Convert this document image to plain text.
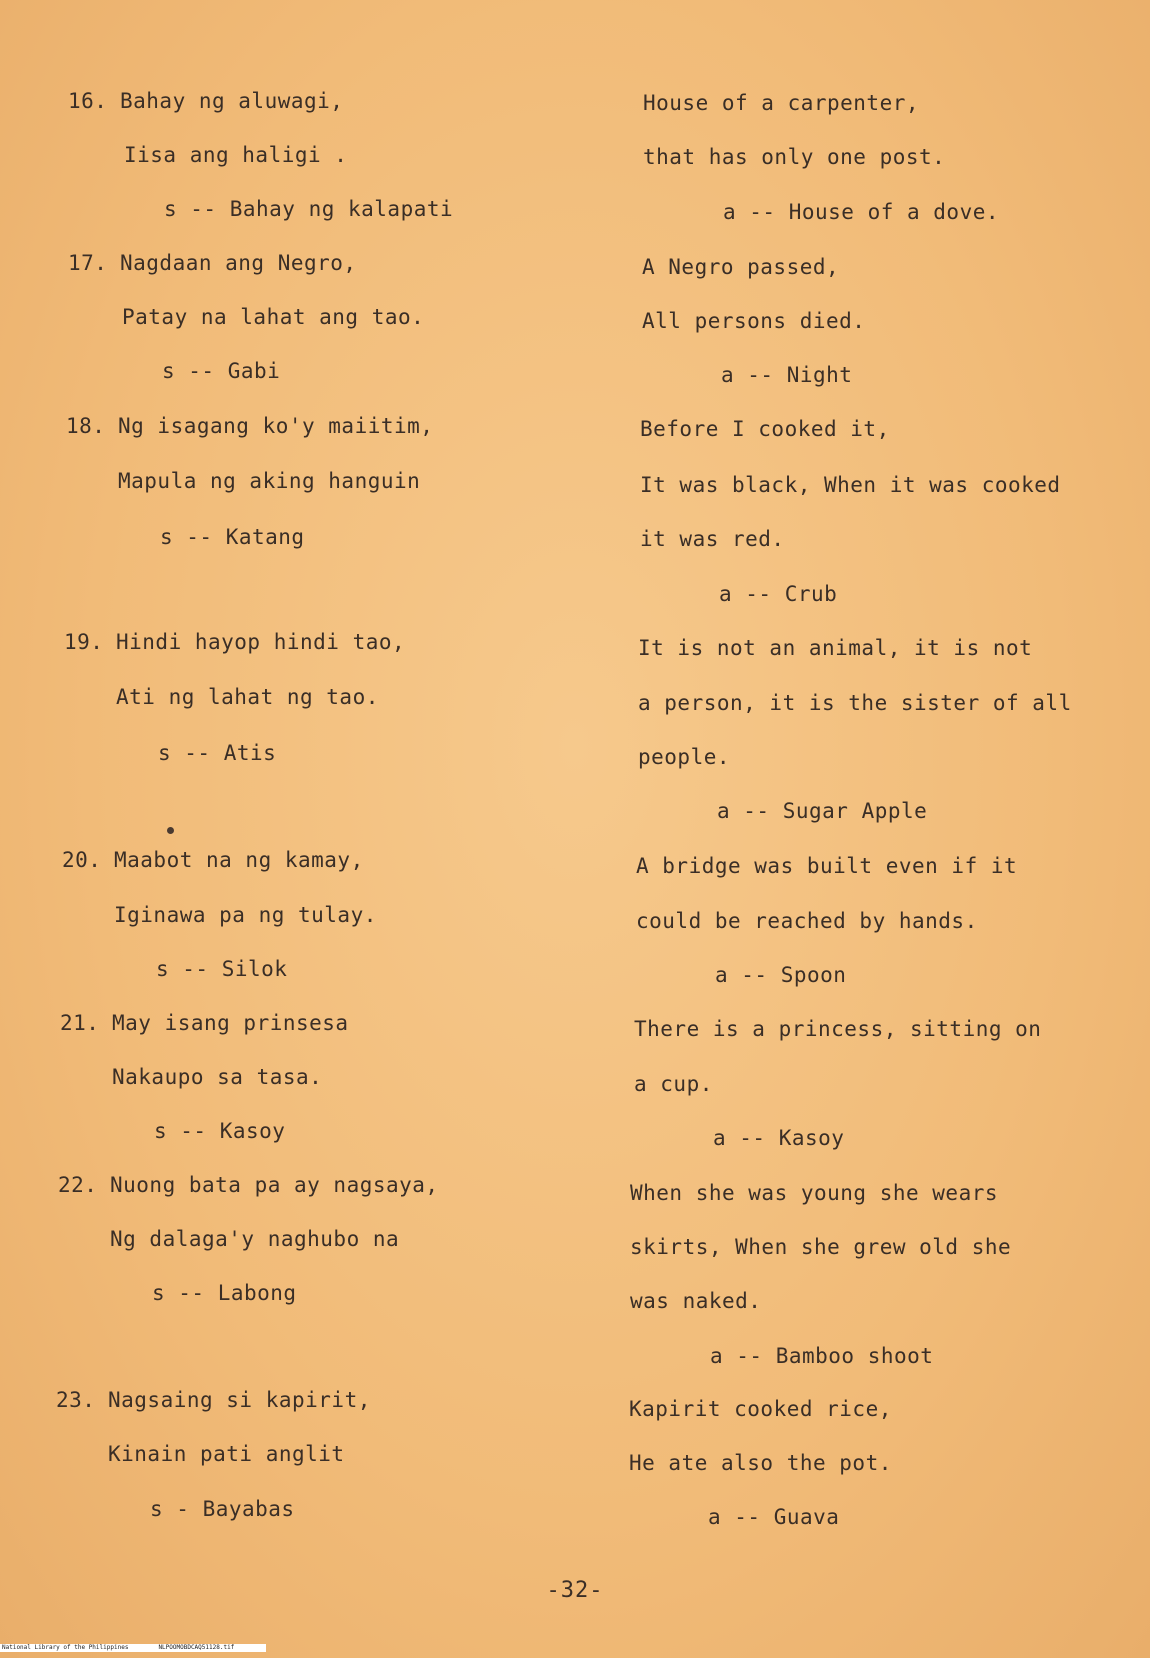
16. Bahay ng aluwagi,
Iisa ang haligi .
s -- Bahay ng kalapati
17. Nagdaan ang Negro,
Patay na lahat ang tao.
s -- Gabi
18. Ng isagang ko'y maiitim,
Mapula ng aking hanguin
s -- Katang
19. Hindi hayop hindi tao,
Ati ng lahat ng tao.
s -- Atis
20. Maabot na ng kamay,
Iginawa pa ng tulay.
s -- Silok
21. May isang prinsesa
Nakaupo sa tasa.
s -- Kasoy
22. Nuong bata pa ay nagsaya,
Ng dalaga'y naghubo na
s -- Labong
23. Nagsaing si kapirit,
Kinain pati anglit
s - Bayabas
House of a carpenter,
that has only one post.
a -- House of a dove.
A Negro passed,
All persons died.
a -- Night
Before I cooked it,
It was black, When it was cooked
it was red.
a -- Crub
It is not an animal, it is not
a person, it is the sister of all
people.
a -- Sugar Apple
A bridge was built even if it
could be reached by hands.
a -- Spoon
There is a princess, sitting on
a cup.
a -- Kasoy
When she was young she wears
skirts, When she grew old she
was naked.
a -- Bamboo shoot
Kapirit cooked rice,
He ate also the pot.
a -- Guava
-32-
National Library of the Philippines	NLPOOMOBDCAQ51128.tif
